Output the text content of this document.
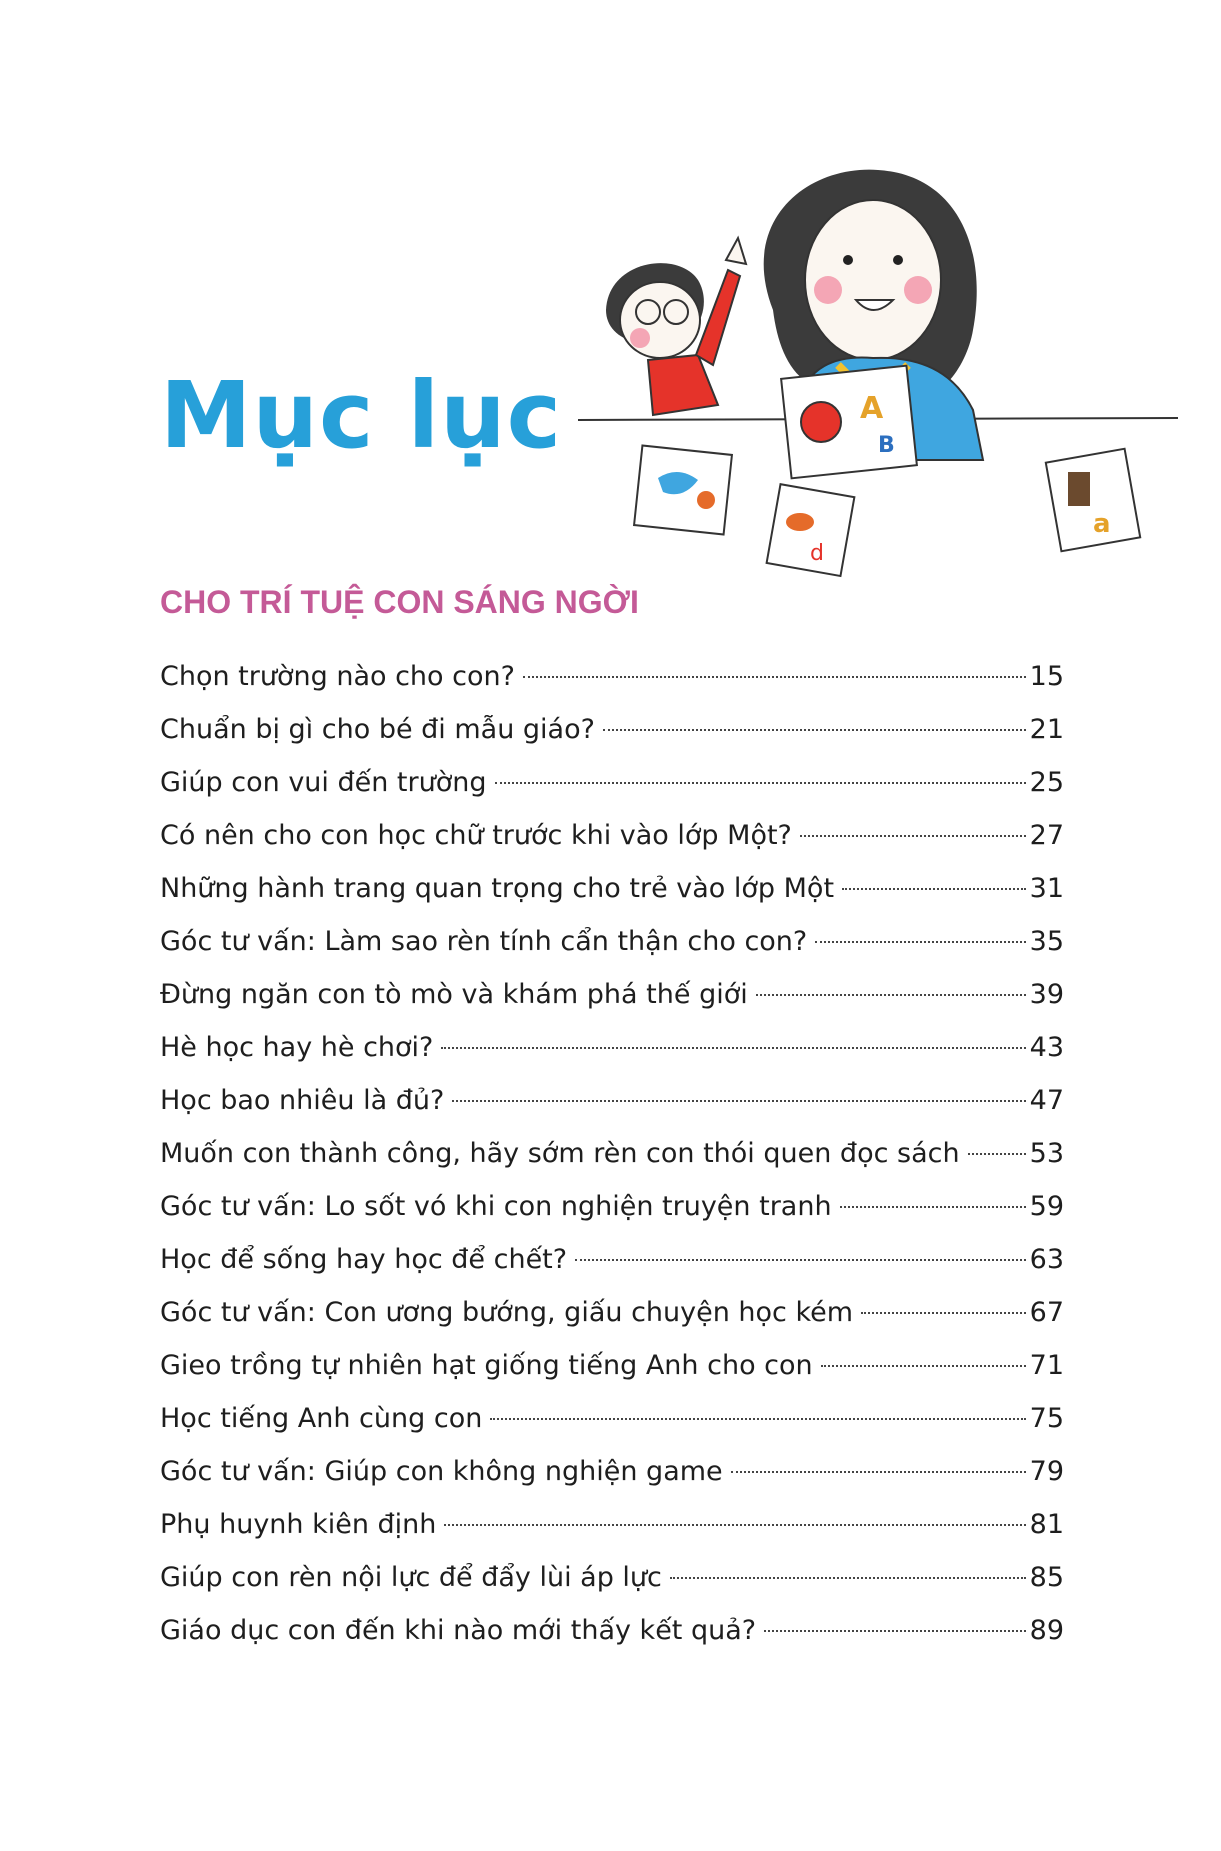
Mục lục	A
B
d
a
CHO TRÍ TUỆ CON SÁNG NGỜI
Chọn trường nào cho con?	15
Chuẩn bị gì cho bé đi mẫu giáo?	21
Giúp con vui đến trường	25
Có nên cho con học chữ trước khi vào lớp Một?	27
Những hành trang quan trọng cho trẻ vào lớp Một	31
Góc tư vấn: Làm sao rèn tính cẩn thận cho con?	35
Đừng ngăn con tò mò và khám phá thế giới	39
Hè học hay hè chơi?	43
Học bao nhiêu là đủ?	47
Muốn con thành công, hãy sớm rèn con thói quen đọc sách	53
Góc tư vấn: Lo sốt vó khi con nghiện truyện tranh	59
Học để sống hay học để chết?	63
Góc tư vấn: Con ương bướng, giấu chuyện học kém	67
Gieo trồng tự nhiên hạt giống tiếng Anh cho con	71
Học tiếng Anh cùng con	75
Góc tư vấn: Giúp con không nghiện game	79
Phụ huynh kiên định	81
Giúp con rèn nội lực để đẩy lùi áp lực	85
Giáo dục con đến khi nào mới thấy kết quả?	89
